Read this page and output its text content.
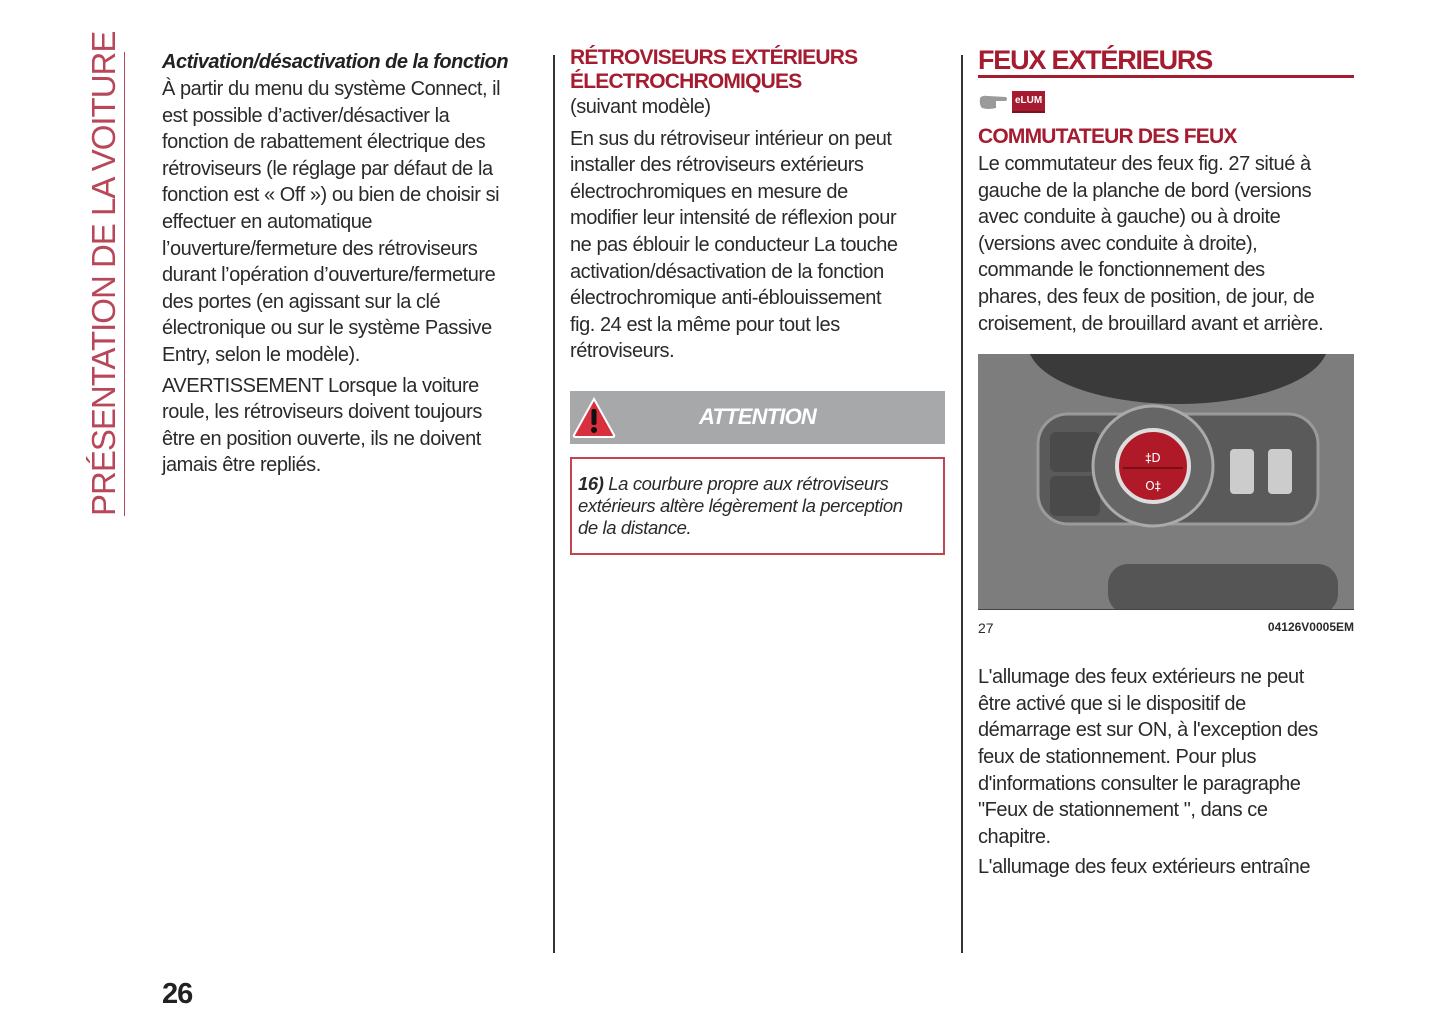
PRÉSENTATION DE LA VOITURE Activation/désactivation de la fonction
À partir du menu du système Connect, il
est possible d’activer/désactiver la
fonction de rabattement électrique des
rétroviseurs (le réglage par défaut de la
fonction est « Off ») ou bien de choisir si
effectuer en automatique
l’ouverture/fermeture des rétroviseurs
durant l’opération d’ouverture/fermeture
des portes (en agissant sur la clé
électronique ou sur le système Passive
Entry, selon le modèle).
AVERTISSEMENT Lorsque la voiture
roule, les rétroviseurs doivent toujours
être en position ouverte, ils ne doivent
jamais être repliés.
RÉTROVISEURS EXTÉRIEURS
ÉLECTROCHROMIQUES
(suivant modèle)
En sus du rétroviseur intérieur on peut
installer des rétroviseurs extérieurs
électrochromiques en mesure de
modifier leur intensité de réflexion pour
ne pas éblouir le conducteur La touche
activation/désactivation de la fonction
électrochromique anti-éblouissement
fig. 24 est la même pour tout les
rétroviseurs.
ATTENTION
16) La courbure propre aux rétroviseurs
extérieurs altère légèrement la perception
de la distance.
FEUX EXTÉRIEURS
eLUM
COMMUTATEUR DES FEUX
Le commutateur des feux fig. 27 situé à
gauche de la planche de bord (versions
avec conduite à gauche) ou à droite
(versions avec conduite à droite),
commande le fonctionnement des
phares, des feux de position, de jour, de
croisement, de brouillard avant et arrière.
‡D
O‡
27	04126V0005EM
L'allumage des feux extérieurs ne peut
être activé que si le dispositif de
démarrage est sur ON, à l'exception des
feux de stationnement. Pour plus
d'informations consulter le paragraphe
"Feux de stationnement ", dans ce
chapitre.
L'allumage des feux extérieurs entraîne
26
